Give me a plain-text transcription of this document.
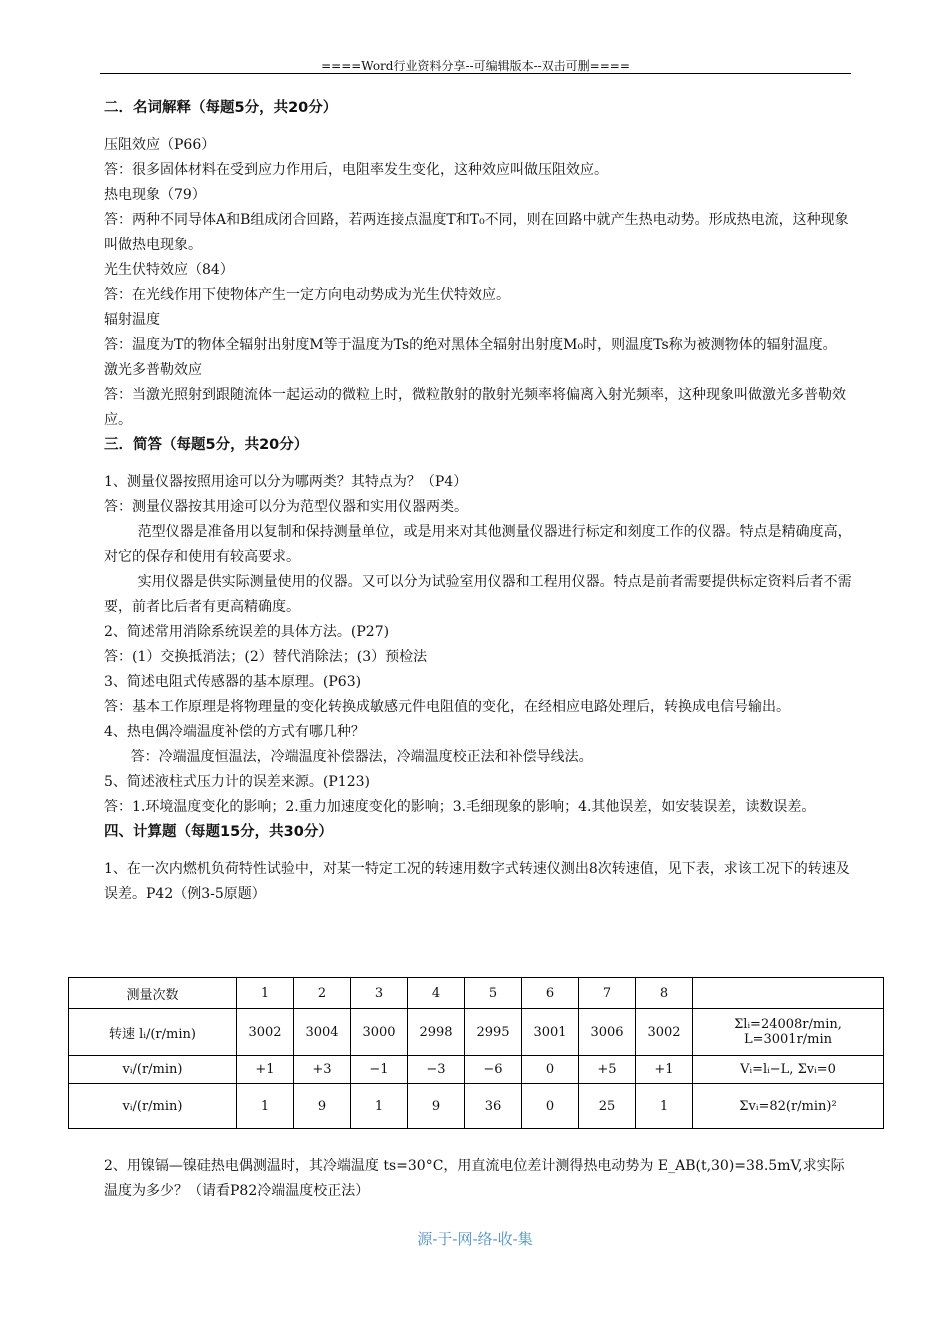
====Word行业资料分享--可编辑版本--双击可删====

二．名词解释（每题5分，共20分）

压阻效应（P66）

答：很多固体材料在受到应力作用后，电阻率发生变化，这种效应叫做压阻效应。

热电现象（79）

答：两种不同导体A和B组成闭合回路，若两连接点温度T和T₀不同，则在回路中就产生热电动势。形成热电流，这种现象叫做热电现象。

光生伏特效应（84）

答：在光线作用下使物体产生一定方向电动势成为光生伏特效应。

辐射温度

答：温度为T的物体全辐射出射度M等于温度为Ts的绝对黑体全辐射出射度M₀时，则温度Ts称为被测物体的辐射温度。

激光多普勒效应

答：当激光照射到跟随流体一起运动的微粒上时，微粒散射的散射光频率将偏离入射光频率，这种现象叫做激光多普勒效应。

三．简答（每题5分，共20分）

1、测量仪器按照用途可以分为哪两类？其特点为？（P4）

答：测量仪器按其用途可以分为范型仪器和实用仪器两类。

范型仪器是准备用以复制和保持测量单位，或是用来对其他测量仪器进行标定和刻度工作的仪器。特点是精确度高，对它的保存和使用有较高要求。

实用仪器是供实际测量使用的仪器。又可以分为试验室用仪器和工程用仪器。特点是前者需要提供标定资料后者不需要，前者比后者有更高精确度。

2、简述常用消除系统误差的具体方法。(P27)

答：(1）交换抵消法；(2）替代消除法；(3）预检法

3、简述电阻式传感器的基本原理。(P63)

答：基本工作原理是将物理量的变化转换成敏感元件电阻值的变化，在经相应电路处理后，转换成电信号输出。

4、热电偶冷端温度补偿的方式有哪几种？

答：冷端温度恒温法，冷端温度补偿器法，冷端温度校正法和补偿导线法。

5、简述液柱式压力计的误差来源。(P123)

答：1.环境温度变化的影响；2.重力加速度变化的影响；3.毛细现象的影响；4.其他误差，如安装误差，读数误差。

四、计算题（每题15分，共30分）

1、在一次内燃机负荷特性试验中，对某一特定工况的转速用数字式转速仪测出8次转速值，见下表，求该工况下的转速及误差。P42（例3-5原题）

测量次数	1	2	3	4	5	6	7	8	
转速 lᵢ/(r/min)	3002	3004	3000	2998	2995	3001	3006	3002	Σlᵢ=24008r/min, L=3001r/min
vᵢ/(r/min)	+1	+3	−1	−3	−6	0	+5	+1	Vᵢ=lᵢ−L, Σvᵢ=0
vᵢ/(r/min)	1	9	1	9	36	0	25	1	Σvᵢ=82(r/min)²

2、用镍镉—镍硅热电偶测温时，其冷端温度 ts=30°C，用直流电位差计测得热电动势为 E_AB(t,30)=38.5mV,求实际温度为多少？（请看P82冷端温度校正法）

源-于-网-络-收-集
